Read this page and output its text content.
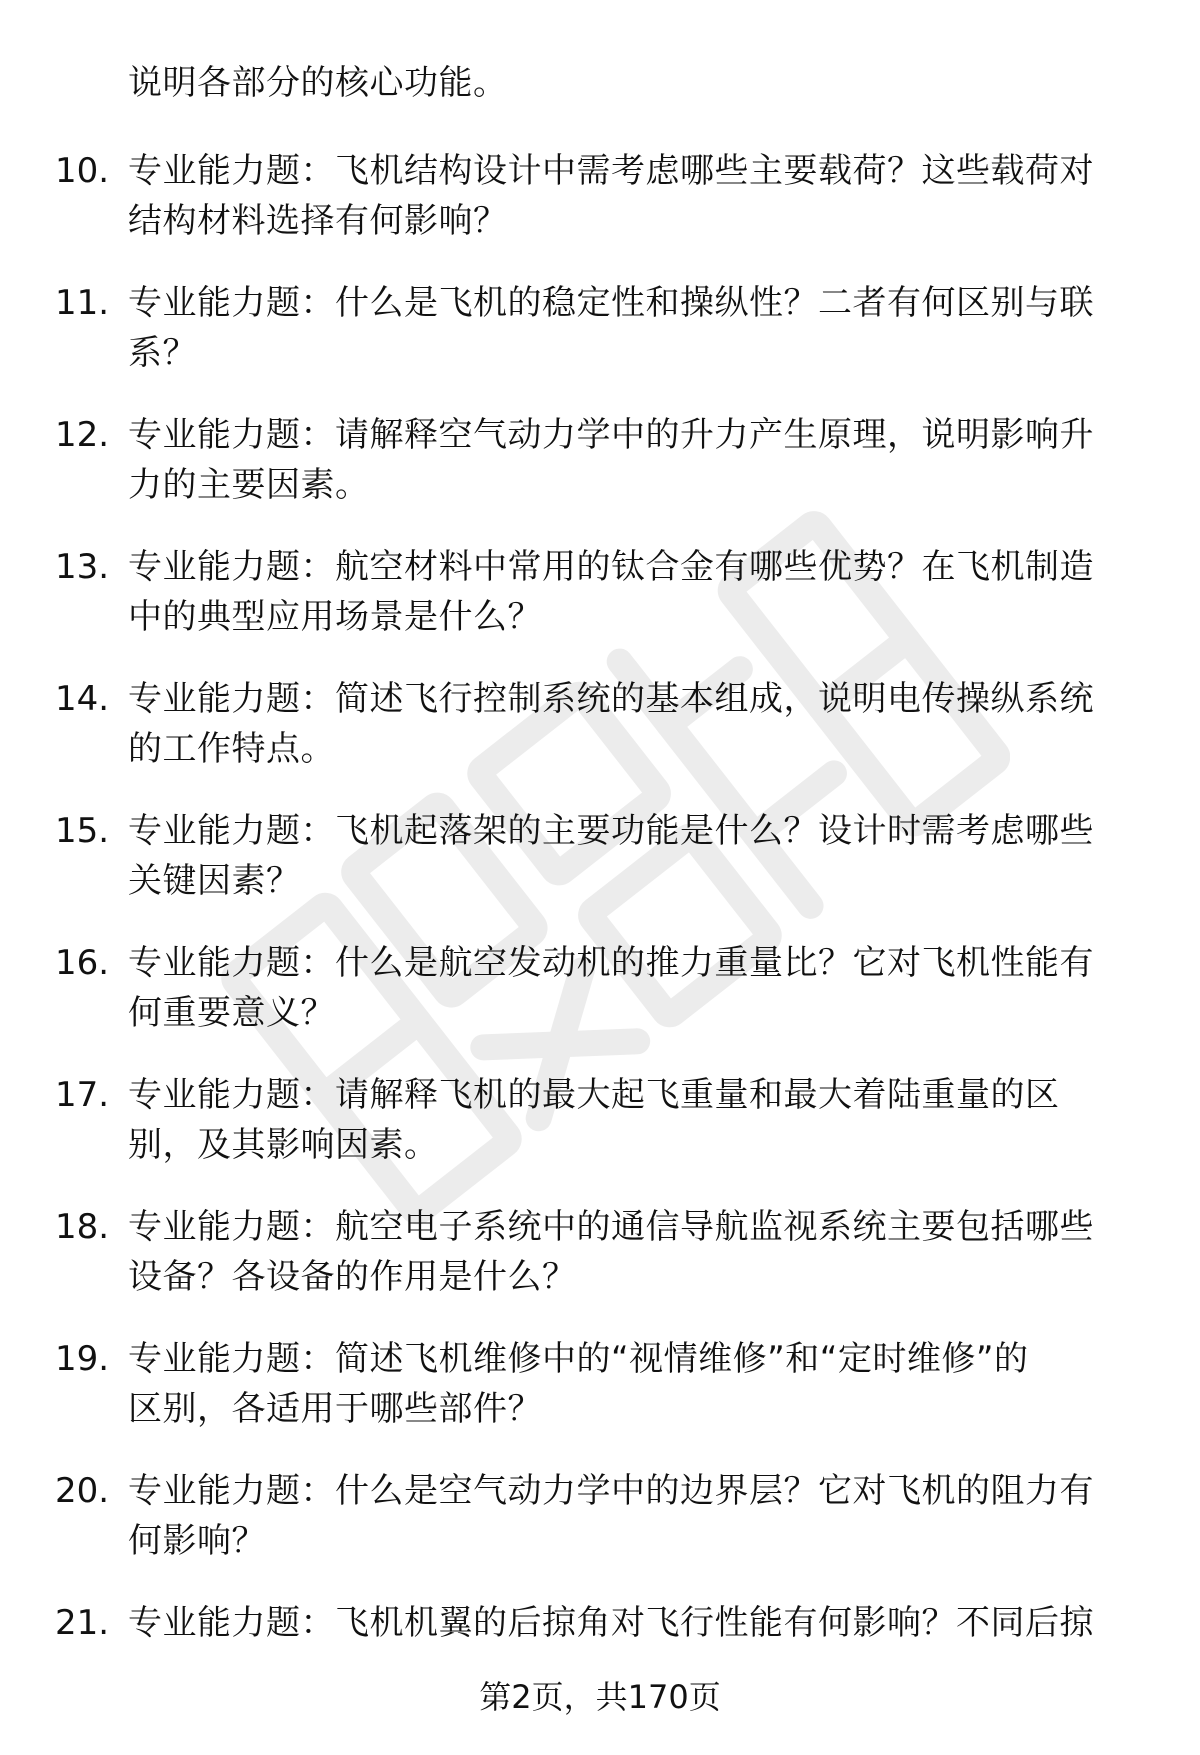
说明各部分的核心功能。
10. 专业能力题：飞机结构设计中需考虑哪些主要载荷？这些载荷对
结构材料选择有何影响？
11. 专业能力题：什么是飞机的稳定性和操纵性？二者有何区别与联
系？
12. 专业能力题：请解释空气动力学中的升力产生原理，说明影响升
力的主要因素。
13. 专业能力题：航空材料中常用的钛合金有哪些优势？在飞机制造
中的典型应用场景是什么？
14. 专业能力题：简述飞行控制系统的基本组成，说明电传操纵系统
的工作特点。
15. 专业能力题：飞机起落架的主要功能是什么？设计时需考虑哪些
关键因素？
16. 专业能力题：什么是航空发动机的推力重量比？它对飞机性能有
何重要意义？
17. 专业能力题：请解释飞机的最大起飞重量和最大着陆重量的区
别，及其影响因素。
18. 专业能力题：航空电子系统中的通信导航监视系统主要包括哪些
设备？各设备的作用是什么？
19. 专业能力题：简述飞机维修中的“视情维修”和“定时维修”的
区别，各适用于哪些部件？
20. 专业能力题：什么是空气动力学中的边界层？它对飞机的阻力有
何影响？
21. 专业能力题：飞机机翼的后掠角对飞行性能有何影响？不同后掠
第2页，共170页
